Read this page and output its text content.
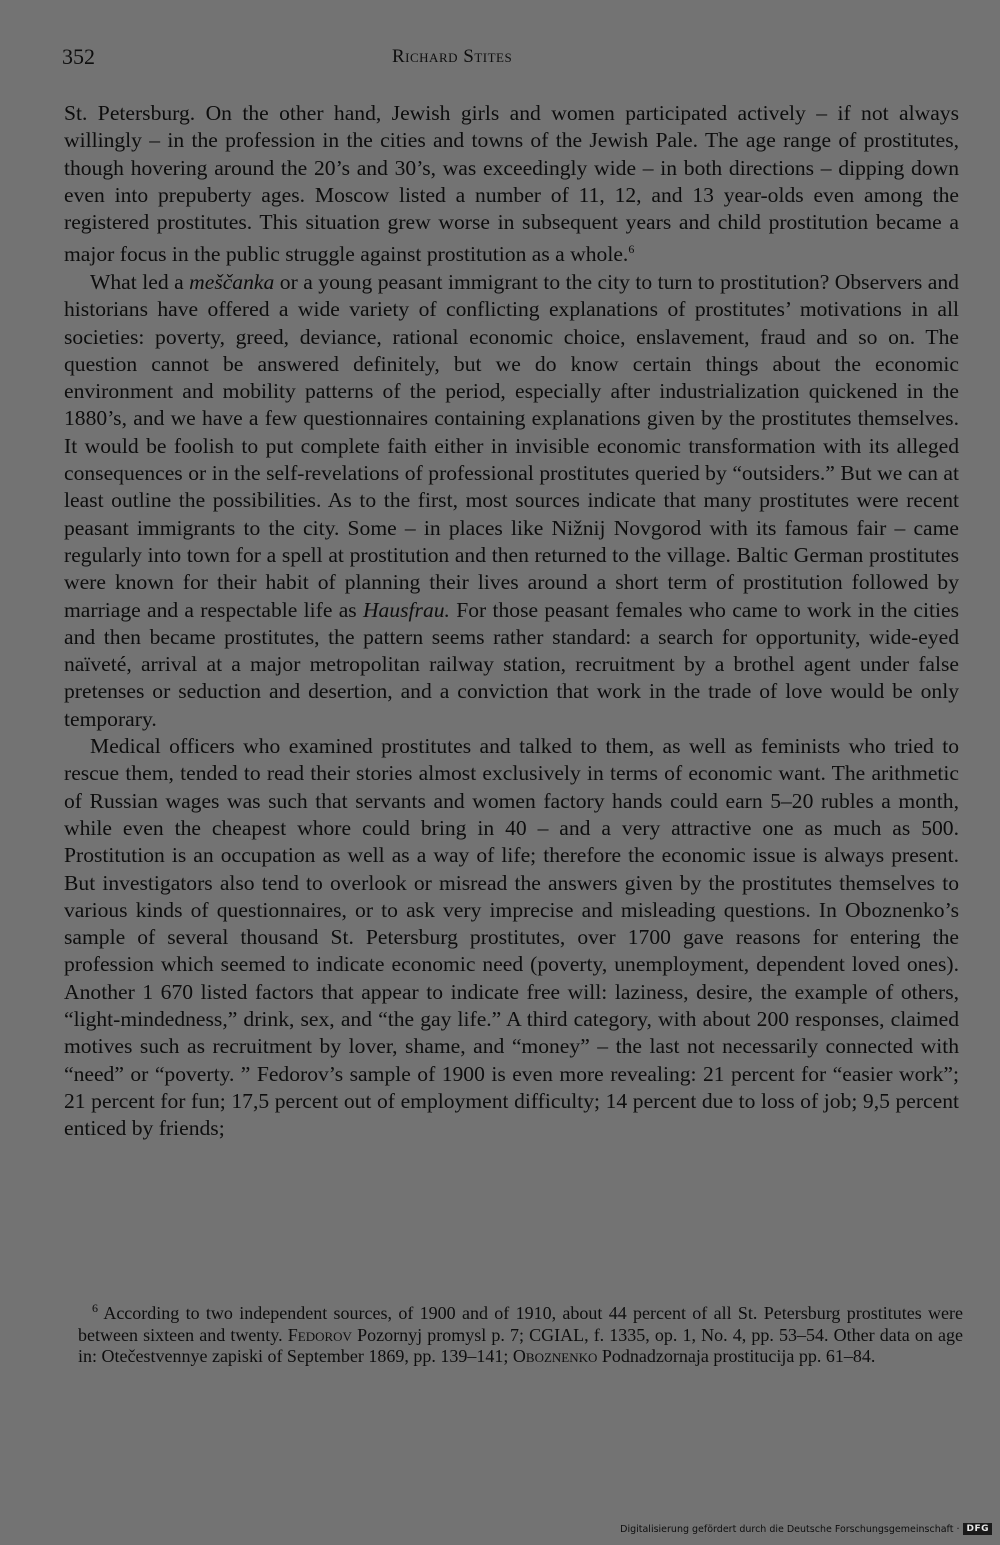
352	Richard Stites

St. Petersburg. On the other hand, Jewish girls and women participated actively – if not always willingly – in the profession in the cities and towns of the Jewish Pale. The age range of prostitutes, though hovering around the 20’s and 30’s, was exceedingly wide – in both directions – dipping down even into prepuberty ages. Moscow listed a number of 11, 12, and 13 year-olds even among the registered prostitutes. This situation grew worse in subsequent years and child prostitution became a major focus in the public struggle against prostitution as a whole.$^6$

What led a meščanka or a young peasant immigrant to the city to turn to prostitution? Observers and historians have offered a wide variety of conflicting explanations of prostitutes’ motivations in all societies: poverty, greed, deviance, rational economic choice, enslavement, fraud and so on. The question cannot be answered definitely, but we do know certain things about the economic environment and mobility patterns of the period, especially after industrialization quickened in the 1880’s, and we have a few questionnaires containing explanations given by the prostitutes themselves. It would be foolish to put complete faith either in invisible economic transformation with its alleged consequences or in the self-revelations of professional prostitutes queried by “outsiders.” But we can at least outline the possibilities. As to the first, most sources indicate that many prostitutes were recent peasant immigrants to the city. Some – in places like Nižnij Novgorod with its famous fair – came regularly into town for a spell at prostitution and then returned to the village. Baltic German prostitutes were known for their habit of planning their lives around a short term of prostitution followed by marriage and a respectable life as Hausfrau. For those peasant females who came to work in the cities and then became prostitutes, the pattern seems rather standard: a search for opportunity, wide-eyed naïveté, arrival at a major metropolitan railway station, recruitment by a brothel agent under false pretenses or seduction and desertion, and a conviction that work in the trade of love would be only temporary.

Medical officers who examined prostitutes and talked to them, as well as feminists who tried to rescue them, tended to read their stories almost exclusively in terms of economic want. The arithmetic of Russian wages was such that servants and women factory hands could earn 5–20 rubles a month, while even the cheapest whore could bring in 40 – and a very attractive one as much as 500. Prostitution is an occupation as well as a way of life; therefore the economic issue is always present. But investigators also tend to overlook or misread the answers given by the prostitutes themselves to various kinds of questionnaires, or to ask very imprecise and misleading questions. In Oboznenko’s sample of several thousand St. Petersburg prostitutes, over 1700 gave reasons for entering the profession which seemed to indicate economic need (poverty, unemployment, dependent loved ones). Another 1 670 listed factors that appear to indicate free will: laziness, desire, the example of others, “light-mindedness,” drink, sex, and “the gay life.” A third category, with about 200 responses, claimed motives such as recruitment by lover, shame, and “money” – the last not necessarily connected with “need” or “poverty. ” Fedorov’s sample of 1900 is even more revealing: 21 percent for “easier work”; 21 percent for fun; 17,5 percent out of employment difficulty; 14 percent due to loss of job; 9,5 percent enticed by friends;

$^6$ According to two independent sources, of 1900 and of 1910, about 44 percent of all St. Petersburg prostitutes were between sixteen and twenty. Fedorov Pozornyj promysl p. 7; CGIAL, f. 1335, op. 1, No. 4, pp. 53–54. Other data on age in: Otečestvennye zapiski of September 1869, pp. 139–141; Oboznenko Podnadzornaja prostitucija pp. 61–84.

Digitalisierung gefördert durch die Deutsche Forschungsgemeinschaft · DFG
